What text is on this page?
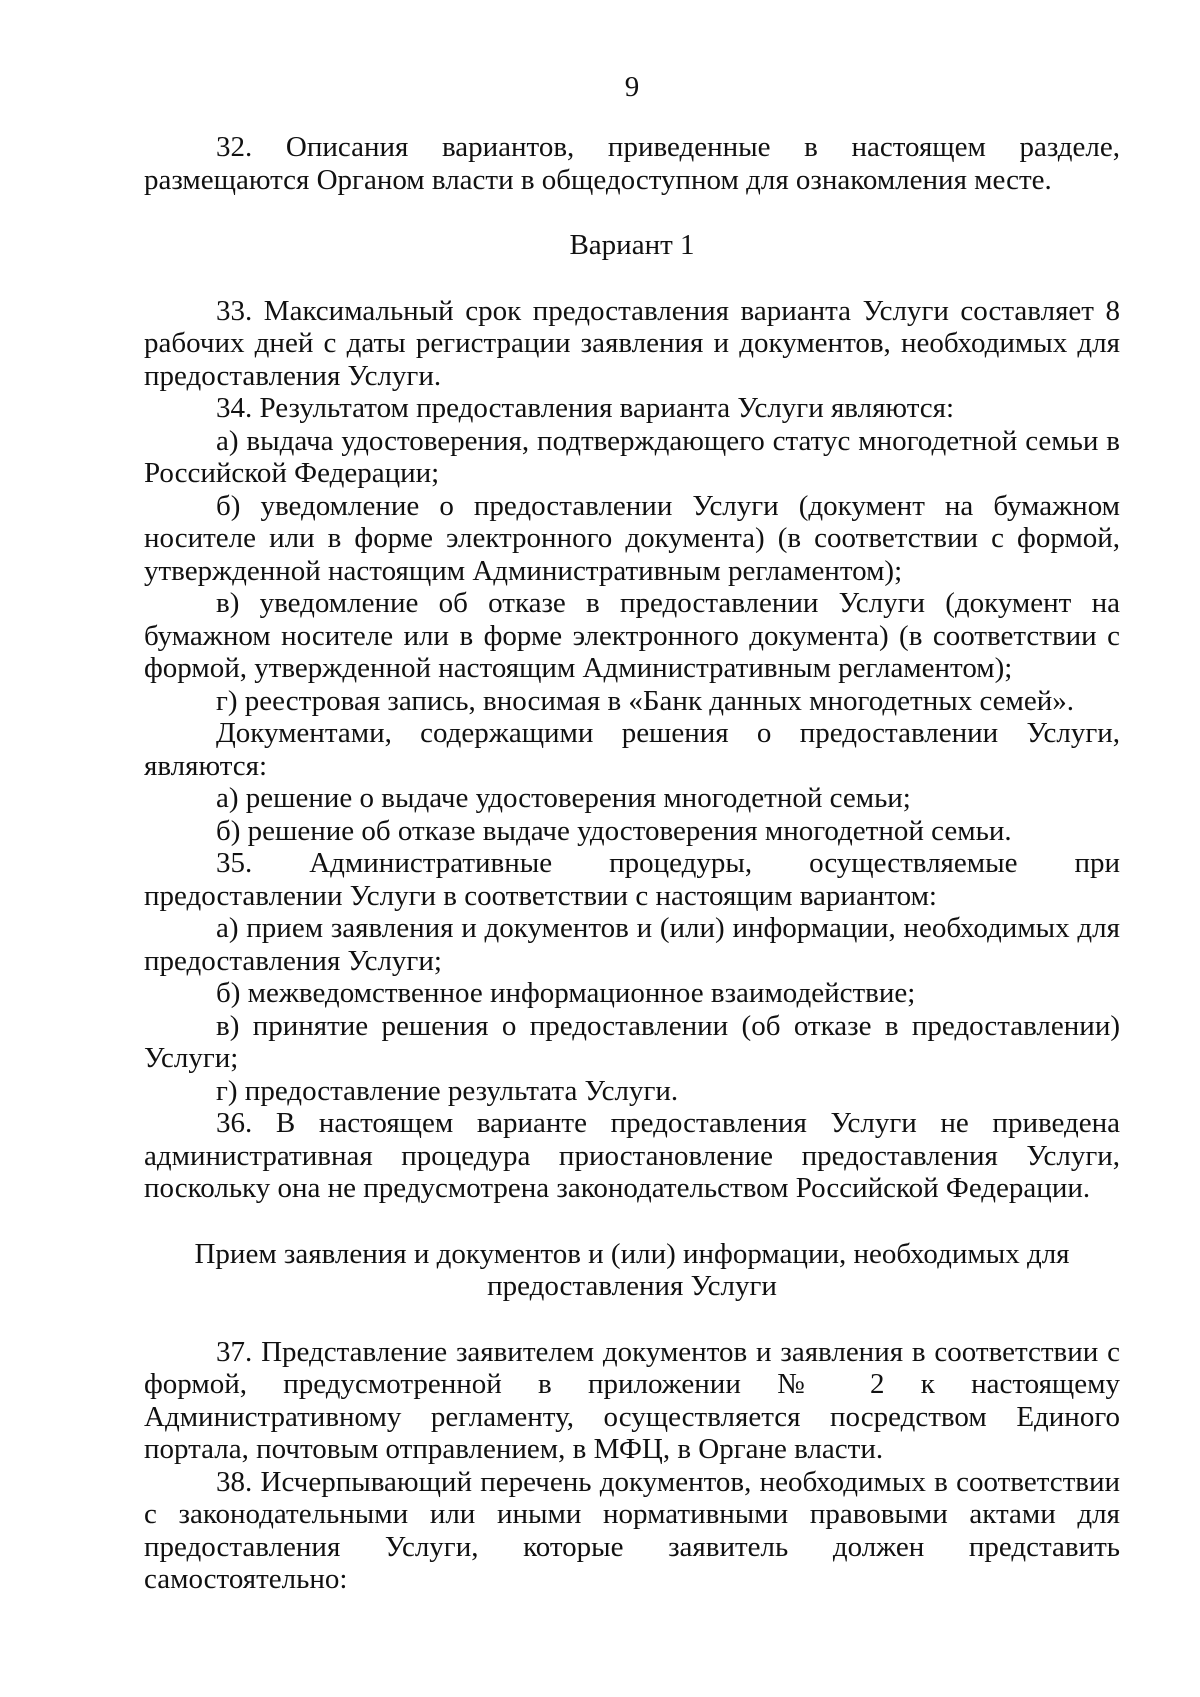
9

32. Описания вариантов, приведенные в настоящем разделе, размещаются Органом власти в общедоступном для ознакомления месте.

Вариант 1

33. Максимальный срок предоставления варианта Услуги составляет 8 рабочих дней с даты регистрации заявления и документов, необходимых для предоставления Услуги.

34. Результатом предоставления варианта Услуги являются:

а) выдача удостоверения, подтверждающего статус многодетной семьи в Российской Федерации;

б) уведомление о предоставлении Услуги (документ на бумажном носителе или в форме электронного документа) (в соответствии с формой, утвержденной настоящим Административным регламентом);

в) уведомление об отказе в предоставлении Услуги (документ на бумажном носителе или в форме электронного документа) (в соответствии с формой, утвержденной настоящим Административным регламентом);

г) реестровая запись, вносимая в «Банк данных многодетных семей».

Документами, содержащими решения о предоставлении Услуги, являются:

а) решение о выдаче удостоверения многодетной семьи;

б) решение об отказе выдаче удостоверения многодетной семьи.

35. Административные процедуры, осуществляемые при предоставлении Услуги в соответствии с настоящим вариантом:

а) прием заявления и документов и (или) информации, необходимых для предоставления Услуги;

б) межведомственное информационное взаимодействие;

в) принятие решения о предоставлении (об отказе в предоставлении) Услуги;

г) предоставление результата Услуги.

36. В настоящем варианте предоставления Услуги не приведена административная процедура приостановление предоставления Услуги, поскольку она не предусмотрена законодательством Российской Федерации.

Прием заявления и документов и (или) информации, необходимых для предоставления Услуги

37. Представление заявителем документов и заявления в соответствии с формой, предусмотренной в приложении № 2 к настоящему Административному регламенту, осуществляется посредством Единого портала, почтовым отправлением, в МФЦ, в Органе власти.

38. Исчерпывающий перечень документов, необходимых в соответствии с законодательными или иными нормативными правовыми актами для предоставления Услуги, которые заявитель должен представить самостоятельно:
